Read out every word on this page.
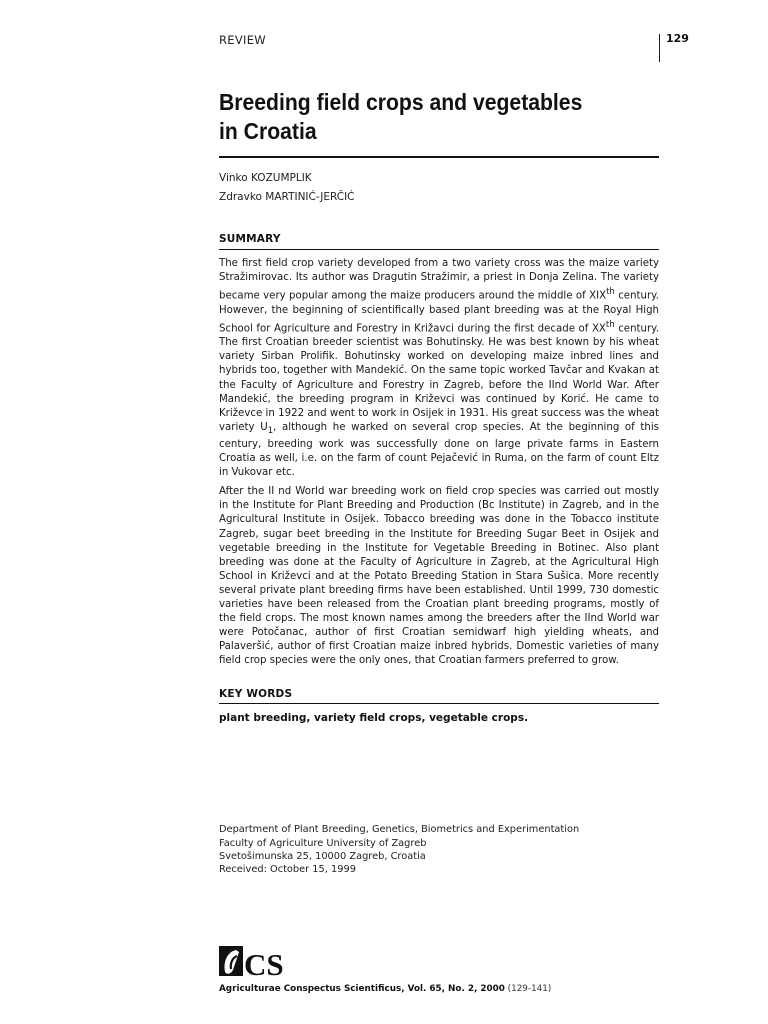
REVIEW	129
Breeding field crops and vegetables
in Croatia
Vinko KOZUMPLIK
Zdravko MARTINIĆ-JERČIĆ
SUMMARY

The first field crop variety developed from a two variety cross was the maize variety Stražimirovac. Its author was Dragutin Stražimir, a priest in Donja Zelina. The variety became very popular among the maize producers around the middle of XIXth century. However, the beginning of scientifically based plant breeding was at the Royal High School for Agriculture and Forestry in Križavci during the first decade of XXth century. The first Croatian breeder scientist was Bohutinsky. He was best known by his wheat variety Sirban Prolifik. Bohutinsky worked on developing maize inbred lines and hybrids too, together with Mandekić. On the same topic worked Tavčar and Kvakan at the Faculty of Agriculture and Forestry in Zagreb, before the IInd World War. After Mandekić, the breeding program in Križevci was continued by Korić. He came to Križevce in 1922 and went to work in Osijek in 1931. His great success was the wheat variety $U_1$, although he warked on several crop species. At the beginning of this century, breeding work was successfully done on large private farms in Eastern Croatia as well, i.e. on the farm of count Pejačević in Ruma, on the farm of count Eltz in Vukovar etc.

After the II nd World war breeding work on field crop species was carried out mostly in the Institute for Plant Breeding and Production (Bc Institute) in Zagreb, and in the Agricultural Institute in Osijek. Tobacco breeding was done in the Tobacco institute Zagreb, sugar beet breeding in the Institute for Breeding Sugar Beet in Osijek and vegetable breeding in the Institute for Vegetable Breeding in Botinec. Also plant breeding was done at the Faculty of Agriculture in Zagreb, at the Agricultural High School in Križevci and at the Potato Breeding Station in Stara Sušica. More recently several private plant breeding firms have been established. Until 1999, 730 domestic varieties have been released from the Croatian plant breeding programs, mostly of the field crops. The most known names among the breeders after the IInd World war were Potočanac, author of first Croatian semidwarf high yielding wheats, and Palaveršić, author of first Croatian maize inbred hybrids. Domestic varieties of many field crop species were the only ones, that Croatian farmers preferred to grow.

KEY WORDS
plant breeding, variety field crops, vegetable crops.
Department of Plant Breeding, Genetics, Biometrics and Experimentation
Faculty of Agriculture University of Zagreb
Svetošimunska 25, 10000 Zagreb, Croatia
Received: October 15, 1999
CS
Agriculturae Conspectus Scientificus, Vol. 65, No. 2, 2000 (129-141)
